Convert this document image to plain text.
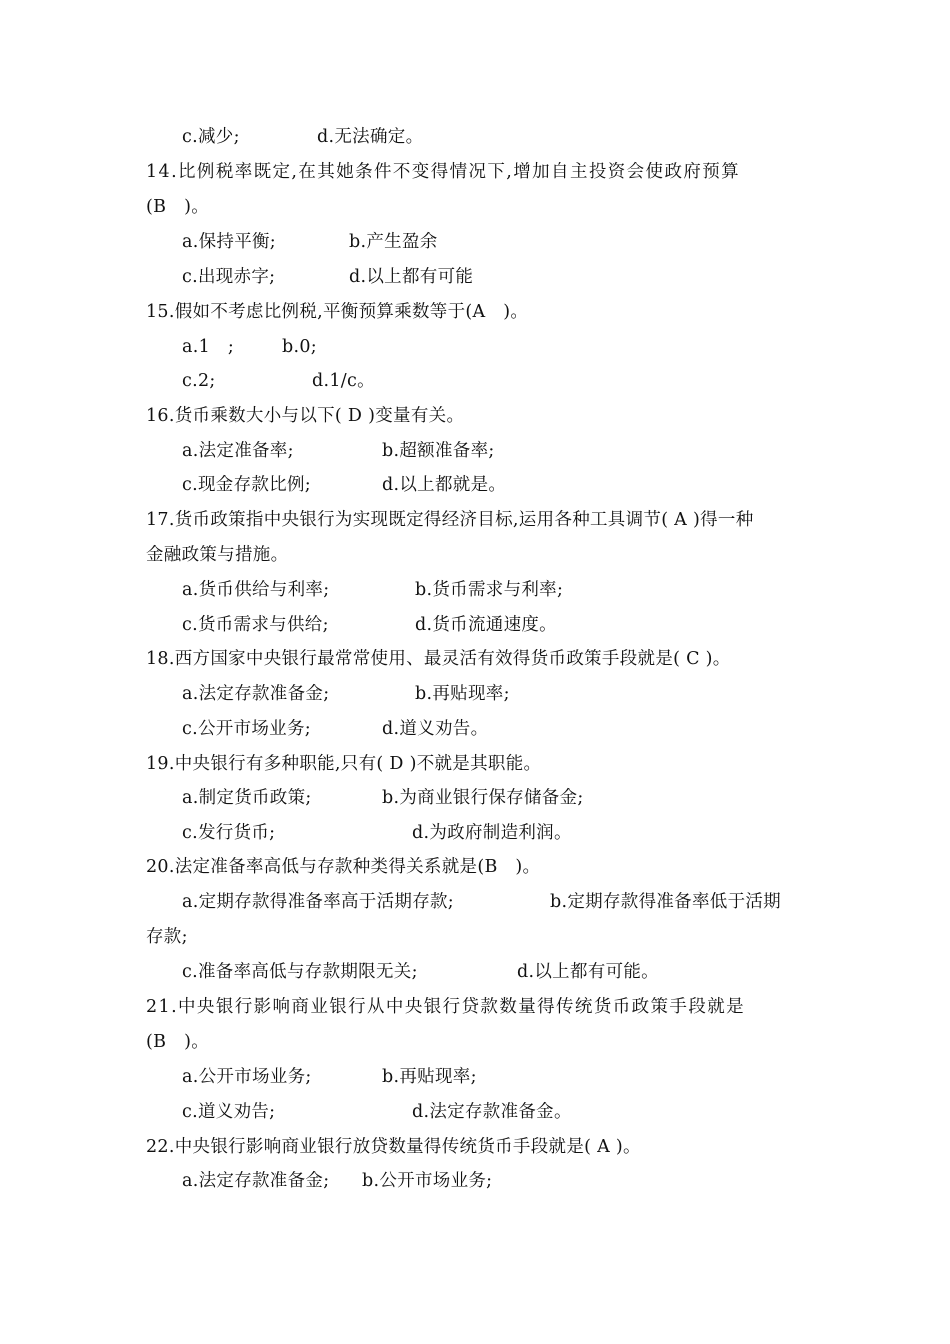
c.减少;	d.无法确定。
14.比例税率既定,在其她条件不变得情况下,增加自主投资会使政府预算
(B　)。
a.保持平衡;	b.产生盈余
c.出现赤字;	d.以上都有可能
15.假如不考虑比例税,平衡预算乘数等于(A　)。
a.1　;	b.0;
c.2;	d.1/c。
16.货币乘数大小与以下( D )变量有关。
a.法定准备率;	b.超额准备率;
c.现金存款比例;	d.以上都就是。
17.货币政策指中央银行为实现既定得经济目标,运用各种工具调节( A )得一种
金融政策与措施。
a.货币供给与利率;	b.货币需求与利率;
c.货币需求与供给;	d.货币流通速度。
18.西方国家中央银行最常常使用、最灵活有效得货币政策手段就是( C )。
a.法定存款准备金;	b.再贴现率;
c.公开市场业务;	d.道义劝告。
19.中央银行有多种职能,只有( D )不就是其职能。
a.制定货币政策;	b.为商业银行保存储备金;
c.发行货币;	d.为政府制造利润。
20.法定准备率高低与存款种类得关系就是(B　)。
a.定期存款得准备率高于活期存款;	b.定期存款得准备率低于活期
存款;
c.准备率高低与存款期限无关;	d.以上都有可能。
21.中央银行影响商业银行从中央银行贷款数量得传统货币政策手段就是
(B　)。
a.公开市场业务;	b.再贴现率;
c.道义劝告;	d.法定存款准备金。
22.中央银行影响商业银行放贷数量得传统货币手段就是( A )。
a.法定存款准备金; b.公开市场业务;
